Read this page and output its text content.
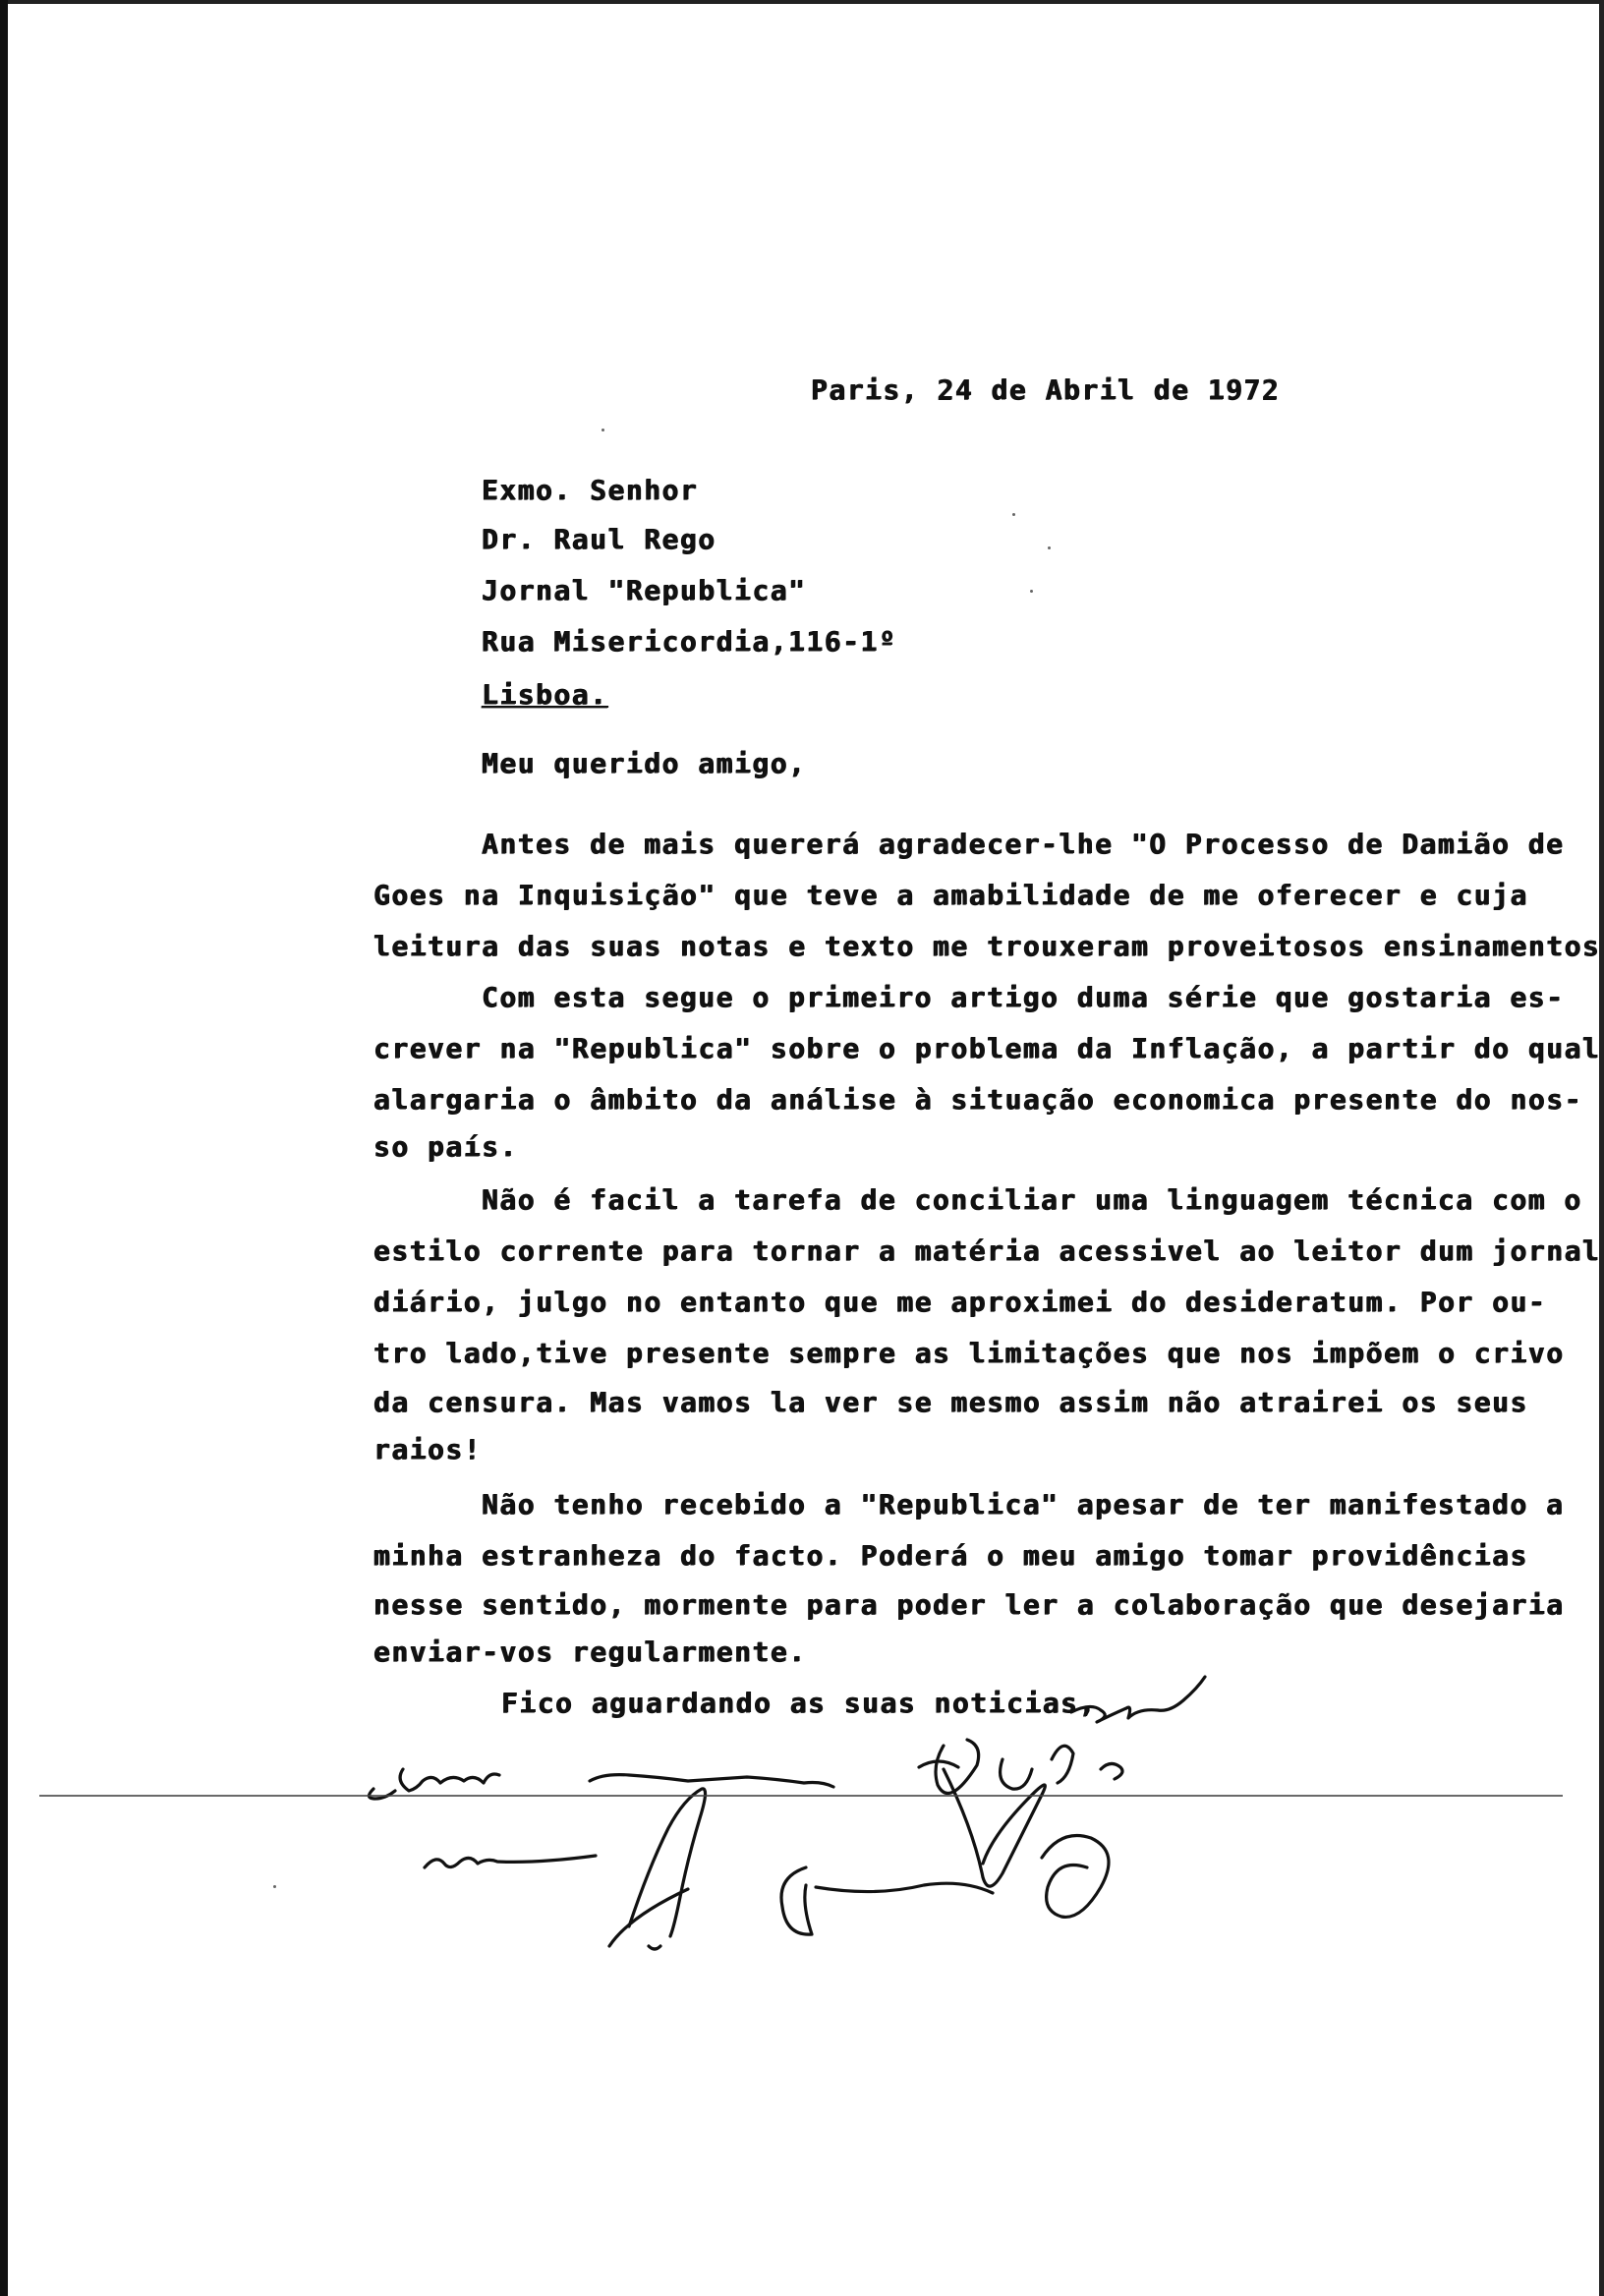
Paris, 24 de Abril de 1972
Exmo. Senhor
Dr. Raul Rego
Jornal "Republica"
Rua Misericordia,116-1º
Lisboa.
Meu querido amigo,
Antes de mais quererá agradecer-lhe "O Processo de Damião de
Goes na Inquisição" que teve a amabilidade de me oferecer e cuja
leitura das suas notas e texto me trouxeram proveitosos ensinamentos
Com esta segue o primeiro artigo duma série que gostaria es-
crever na "Republica" sobre o problema da Inflação, a partir do qual
alargaria o âmbito da análise à situação economica presente do nos-
so país.
Não é facil a tarefa de conciliar uma linguagem técnica com o
estilo corrente para tornar a matéria acessivel ao leitor dum jornal
diário, julgo no entanto que me aproximei do desideratum. Por ou-
tro lado,tive presente sempre as limitações que nos impõem o crivo
da censura. Mas vamos la ver se mesmo assim não atrairei os seus
raios!
Não tenho recebido a "Republica" apesar de ter manifestado a
minha estranheza do facto. Poderá o meu amigo tomar providências
nesse sentido, mormente para poder ler a colaboração que desejaria
enviar-vos regularmente.
Fico aguardando as suas noticias,
